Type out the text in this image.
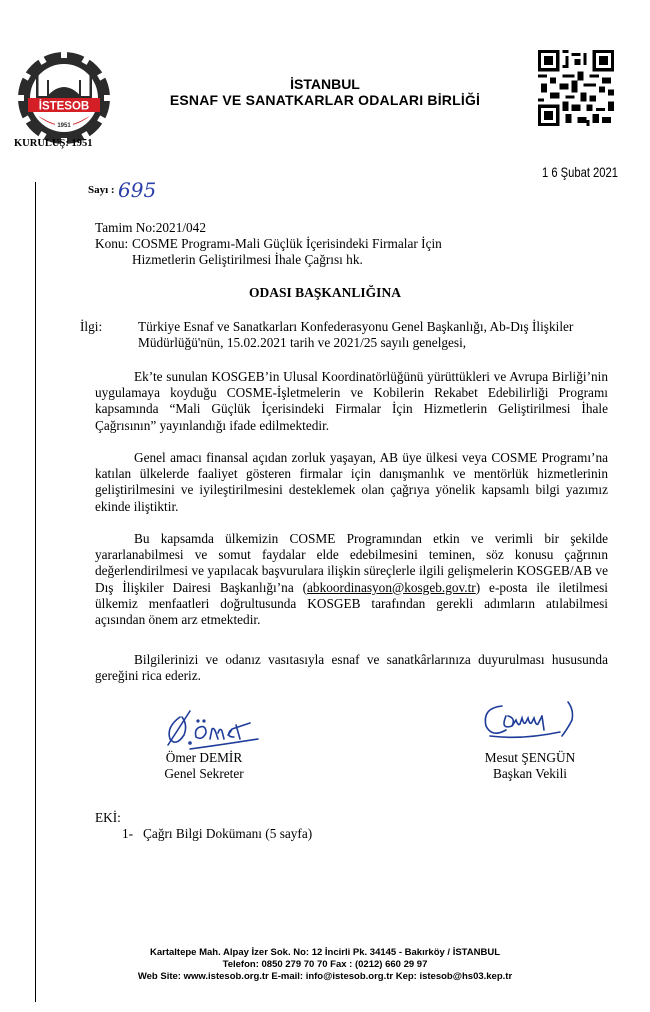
İSTESOB
1951
KURULUŞ: 1951
İSTANBUL
ESNAF VE SANATKARLAR ODALARI BİRLİĞİ
1 6 Şubat 2021
Sayı : 695
Tamim No:2021/042
Konu: COSME Programı-Mali Güçlük İçerisindeki Firmalar İçin
Hizmetlerin Geliştirilmesi İhale Çağrısı hk.
ODASI BAŞKANLIĞINA
İlgi:	Türkiye Esnaf ve Sanatkarları Konfederasyonu Genel Başkanlığı, Ab-Dış İlişkiler
Müdürlüğü'nün, 15.02.2021 tarih ve 2021/25 sayılı genelgesi,
Ek’te sunulan KOSGEB’in Ulusal Koordinatörlüğünü yürüttükleri ve Avrupa Birliği’nin uygulamaya koyduğu COSME-İşletmelerin ve Kobilerin Rekabet Edebilirliği Programı kapsamında “Mali Güçlük İçerisindeki Firmalar İçin Hizmetlerin Geliştirilmesi İhale Çağrısının” yayınlandığı ifade edilmektedir.
Genel amacı finansal açıdan zorluk yaşayan, AB üye ülkesi veya COSME Programı’na katılan ülkelerde faaliyet gösteren firmalar için danışmanlık ve mentörlük hizmetlerinin geliştirilmesini ve iyileştirilmesini desteklemek olan çağrıya yönelik kapsamlı bilgi yazımız ekinde iliştiktir.
Bu kapsamda ülkemizin COSME Programından etkin ve verimli bir şekilde yararlanabilmesi ve somut faydalar elde edebilmesini teminen, söz konusu çağrının değerlendirilmesi ve yapılacak başvurulara ilişkin süreçlerle ilgili gelişmelerin KOSGEB/AB ve Dış İlişkiler Dairesi Başkanlığı’na (abkoordinasyon@kosgeb.gov.tr) e-posta ile iletilmesi ülkemiz menfaatleri doğrultusunda KOSGEB tarafından gerekli adımların atılabilmesi açısından önem arz etmektedir.
Bilgilerinizi ve odanız vasıtasıyla esnaf ve sanatkârlarınıza duyurulması hususunda gereğini rica ederiz.
Ömer DEMİR
Genel Sekreter
Mesut ŞENGÜN
Başkan Vekili
EKİ:
1-   Çağrı Bilgi Dokümanı (5 sayfa)
Kartaltepe Mah. Alpay İzer Sok. No: 12 İncirli Pk. 34145 - Bakırköy / İSTANBUL
Telefon: 0850 279 70 70 Fax : (0212) 660 29 97
Web Site: www.istesob.org.tr E-mail: info@istesob.org.tr Kep: istesob@hs03.kep.tr
